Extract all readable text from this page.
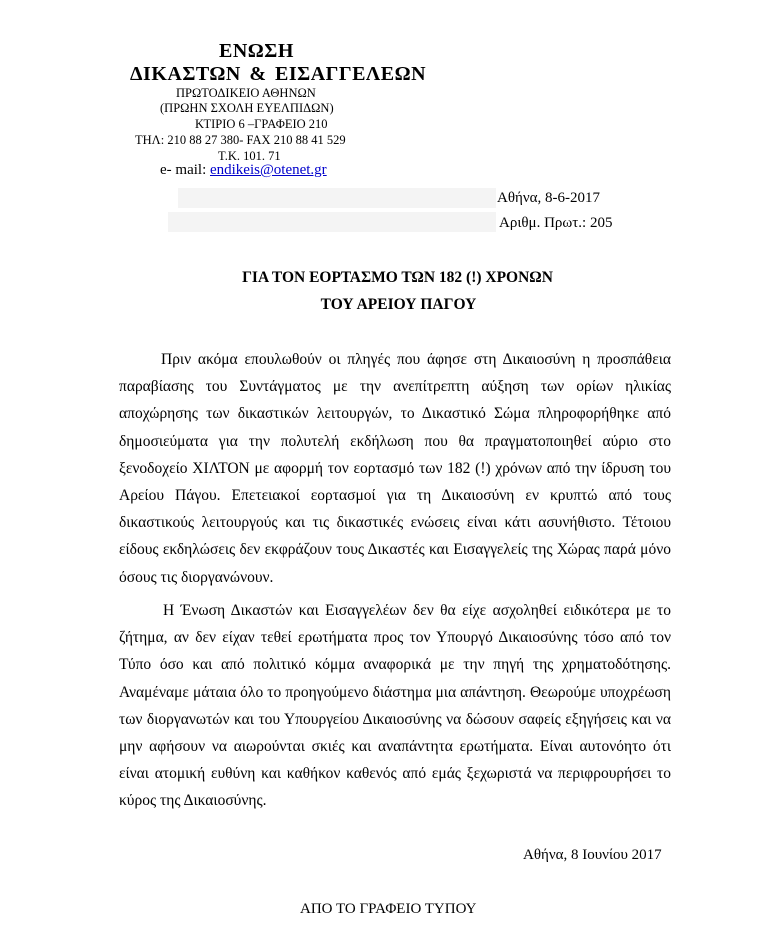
ΕΝΩΣΗ
ΔΙΚΑΣΤΩΝ & ΕΙΣΑΓΓΕΛΕΩΝ
ΠΡΩΤΟΔΙΚΕΙΟ ΑΘΗΝΩΝ
(ΠΡΩΗΝ ΣΧΟΛΗ ΕΥΕΛΠΙΔΩΝ)
ΚΤΙΡΙΟ 6 –ΓΡΑΦΕΙΟ 210
ΤΗΛ: 210 88 27 380- FAX 210 88 41 529
Τ.Κ. 101. 71
e- mail: endikeis@otenet.gr
Αθήνα, 8-6-2017
Αριθμ. Πρωτ.: 205
ΓΙΑ ΤΟΝ ΕΟΡΤΑΣΜΟ ΤΩΝ 182 (!) ΧΡΟΝΩΝ
ΤΟΥ ΑΡΕΙΟΥ ΠΑΓΟΥ

Πριν ακόμα επουλωθούν οι πληγές που άφησε στη Δικαιοσύνη η προσπάθεια παραβίασης του Συντάγματος με την ανεπίτρεπτη αύξηση των ορίων ηλικίας αποχώρησης των δικαστικών λειτουργών, το Δικαστικό Σώμα πληροφορήθηκε από δημοσιεύματα για την πολυτελή εκδήλωση που θα πραγματοποιηθεί αύριο στο ξενοδοχείο ΧΙΛΤΟΝ με αφορμή τον εορτασμό των 182 (!) χρόνων από την ίδρυση του Αρείου Πάγου. Επετειακοί εορτασμοί για τη Δικαιοσύνη εν κρυπτώ από τους δικαστικούς λειτουργούς και τις δικαστικές ενώσεις είναι κάτι ασυνήθιστο. Τέτοιου είδους εκδηλώσεις δεν εκφράζουν τους Δικαστές και Εισαγγελείς της Χώρας παρά μόνο όσους τις διοργανώνουν.

Η Ένωση Δικαστών και Εισαγγελέων δεν θα είχε ασχοληθεί ειδικότερα με το ζήτημα, αν δεν είχαν τεθεί ερωτήματα προς τον Υπουργό Δικαιοσύνης τόσο από τον Τύπο όσο και από πολιτικό κόμμα αναφορικά με την πηγή της χρηματοδότησης. Αναμέναμε μάταια όλο το προηγούμενο διάστημα μια απάντηση. Θεωρούμε υποχρέωση των διοργανωτών και του Υπουργείου Δικαιοσύνης να δώσουν σαφείς εξηγήσεις και να μην αφήσουν να αιωρούνται σκιές και αναπάντητα ερωτήματα. Είναι αυτονόητο ότι είναι ατομική ευθύνη και καθήκον καθενός από εμάς ξεχωριστά να περιφρουρήσει το κύρος της Δικαιοσύνης.

Αθήνα, 8 Ιουνίου 2017
ΑΠΟ ΤΟ ΓΡΑΦΕΙΟ ΤΥΠΟΥ
